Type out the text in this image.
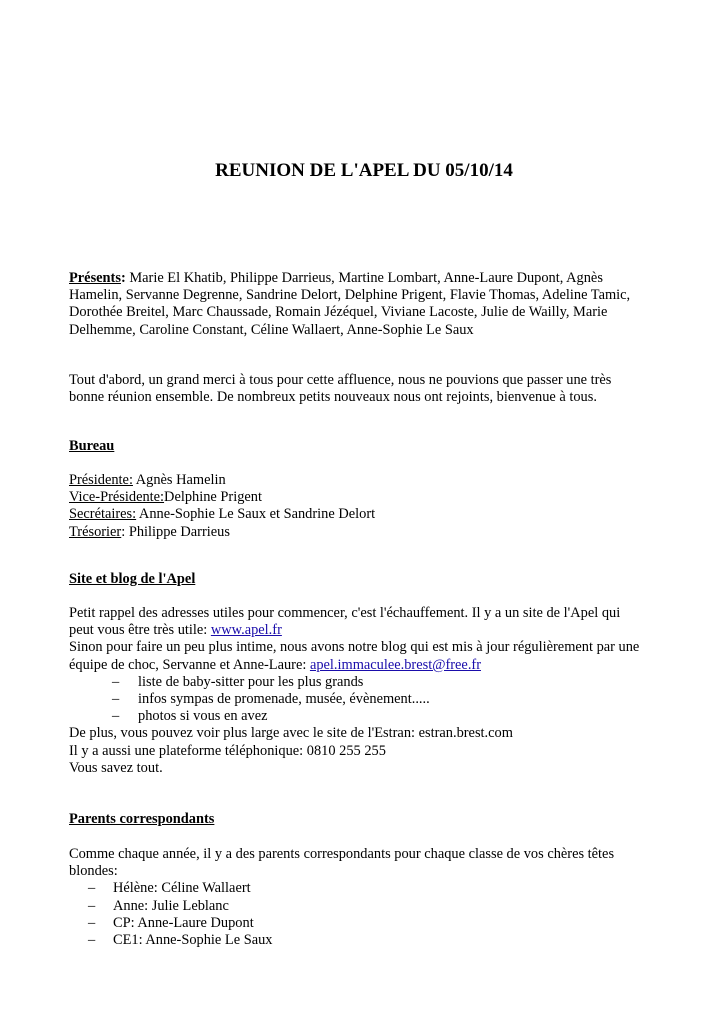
REUNION DE L'APEL DU 05/10/14

Présents: Marie El Khatib, Philippe Darrieus, Martine Lombart, Anne-Laure Dupont, Agnès

Hamelin, Servanne Degrenne, Sandrine Delort, Delphine Prigent, Flavie Thomas, Adeline Tamic,

Dorothée Breitel, Marc Chaussade, Romain Jézéquel, Viviane Lacoste, Julie de Wailly, Marie

Delhemme, Caroline Constant, Céline Wallaert, Anne-Sophie Le Saux

Tout d'abord, un grand merci à tous pour cette affluence, nous ne pouvions que passer une très

bonne réunion ensemble. De nombreux petits nouveaux nous ont rejoints, bienvenue à tous.

Bureau

Présidente: Agnès Hamelin

Vice-Présidente:Delphine Prigent

Secrétaires: Anne-Sophie Le Saux et Sandrine Delort

Trésorier: Philippe Darrieus

Site et blog de l'Apel

Petit rappel des adresses utiles pour commencer, c'est l'échauffement. Il y a un site de l'Apel qui

peut vous être très utile: www.apel.fr

Sinon pour faire un peu plus intime, nous avons notre blog qui est mis à jour régulièrement par une

équipe de choc, Servanne et Anne-Laure: apel.immaculee.brest@free.fr

– liste de baby-sitter pour les plus grands

– infos sympas de promenade, musée, évènement.....

– photos si vous en avez

De plus, vous pouvez voir plus large avec le site de l'Estran: estran.brest.com

Il y a aussi une plateforme téléphonique: 0810 255 255

Vous savez tout.

Parents correspondants

Comme chaque année, il y a des parents correspondants pour chaque classe de vos chères têtes

blondes:

– Hélène: Céline Wallaert

– Anne: Julie Leblanc

– CP: Anne-Laure Dupont

– CE1: Anne-Sophie Le Saux
